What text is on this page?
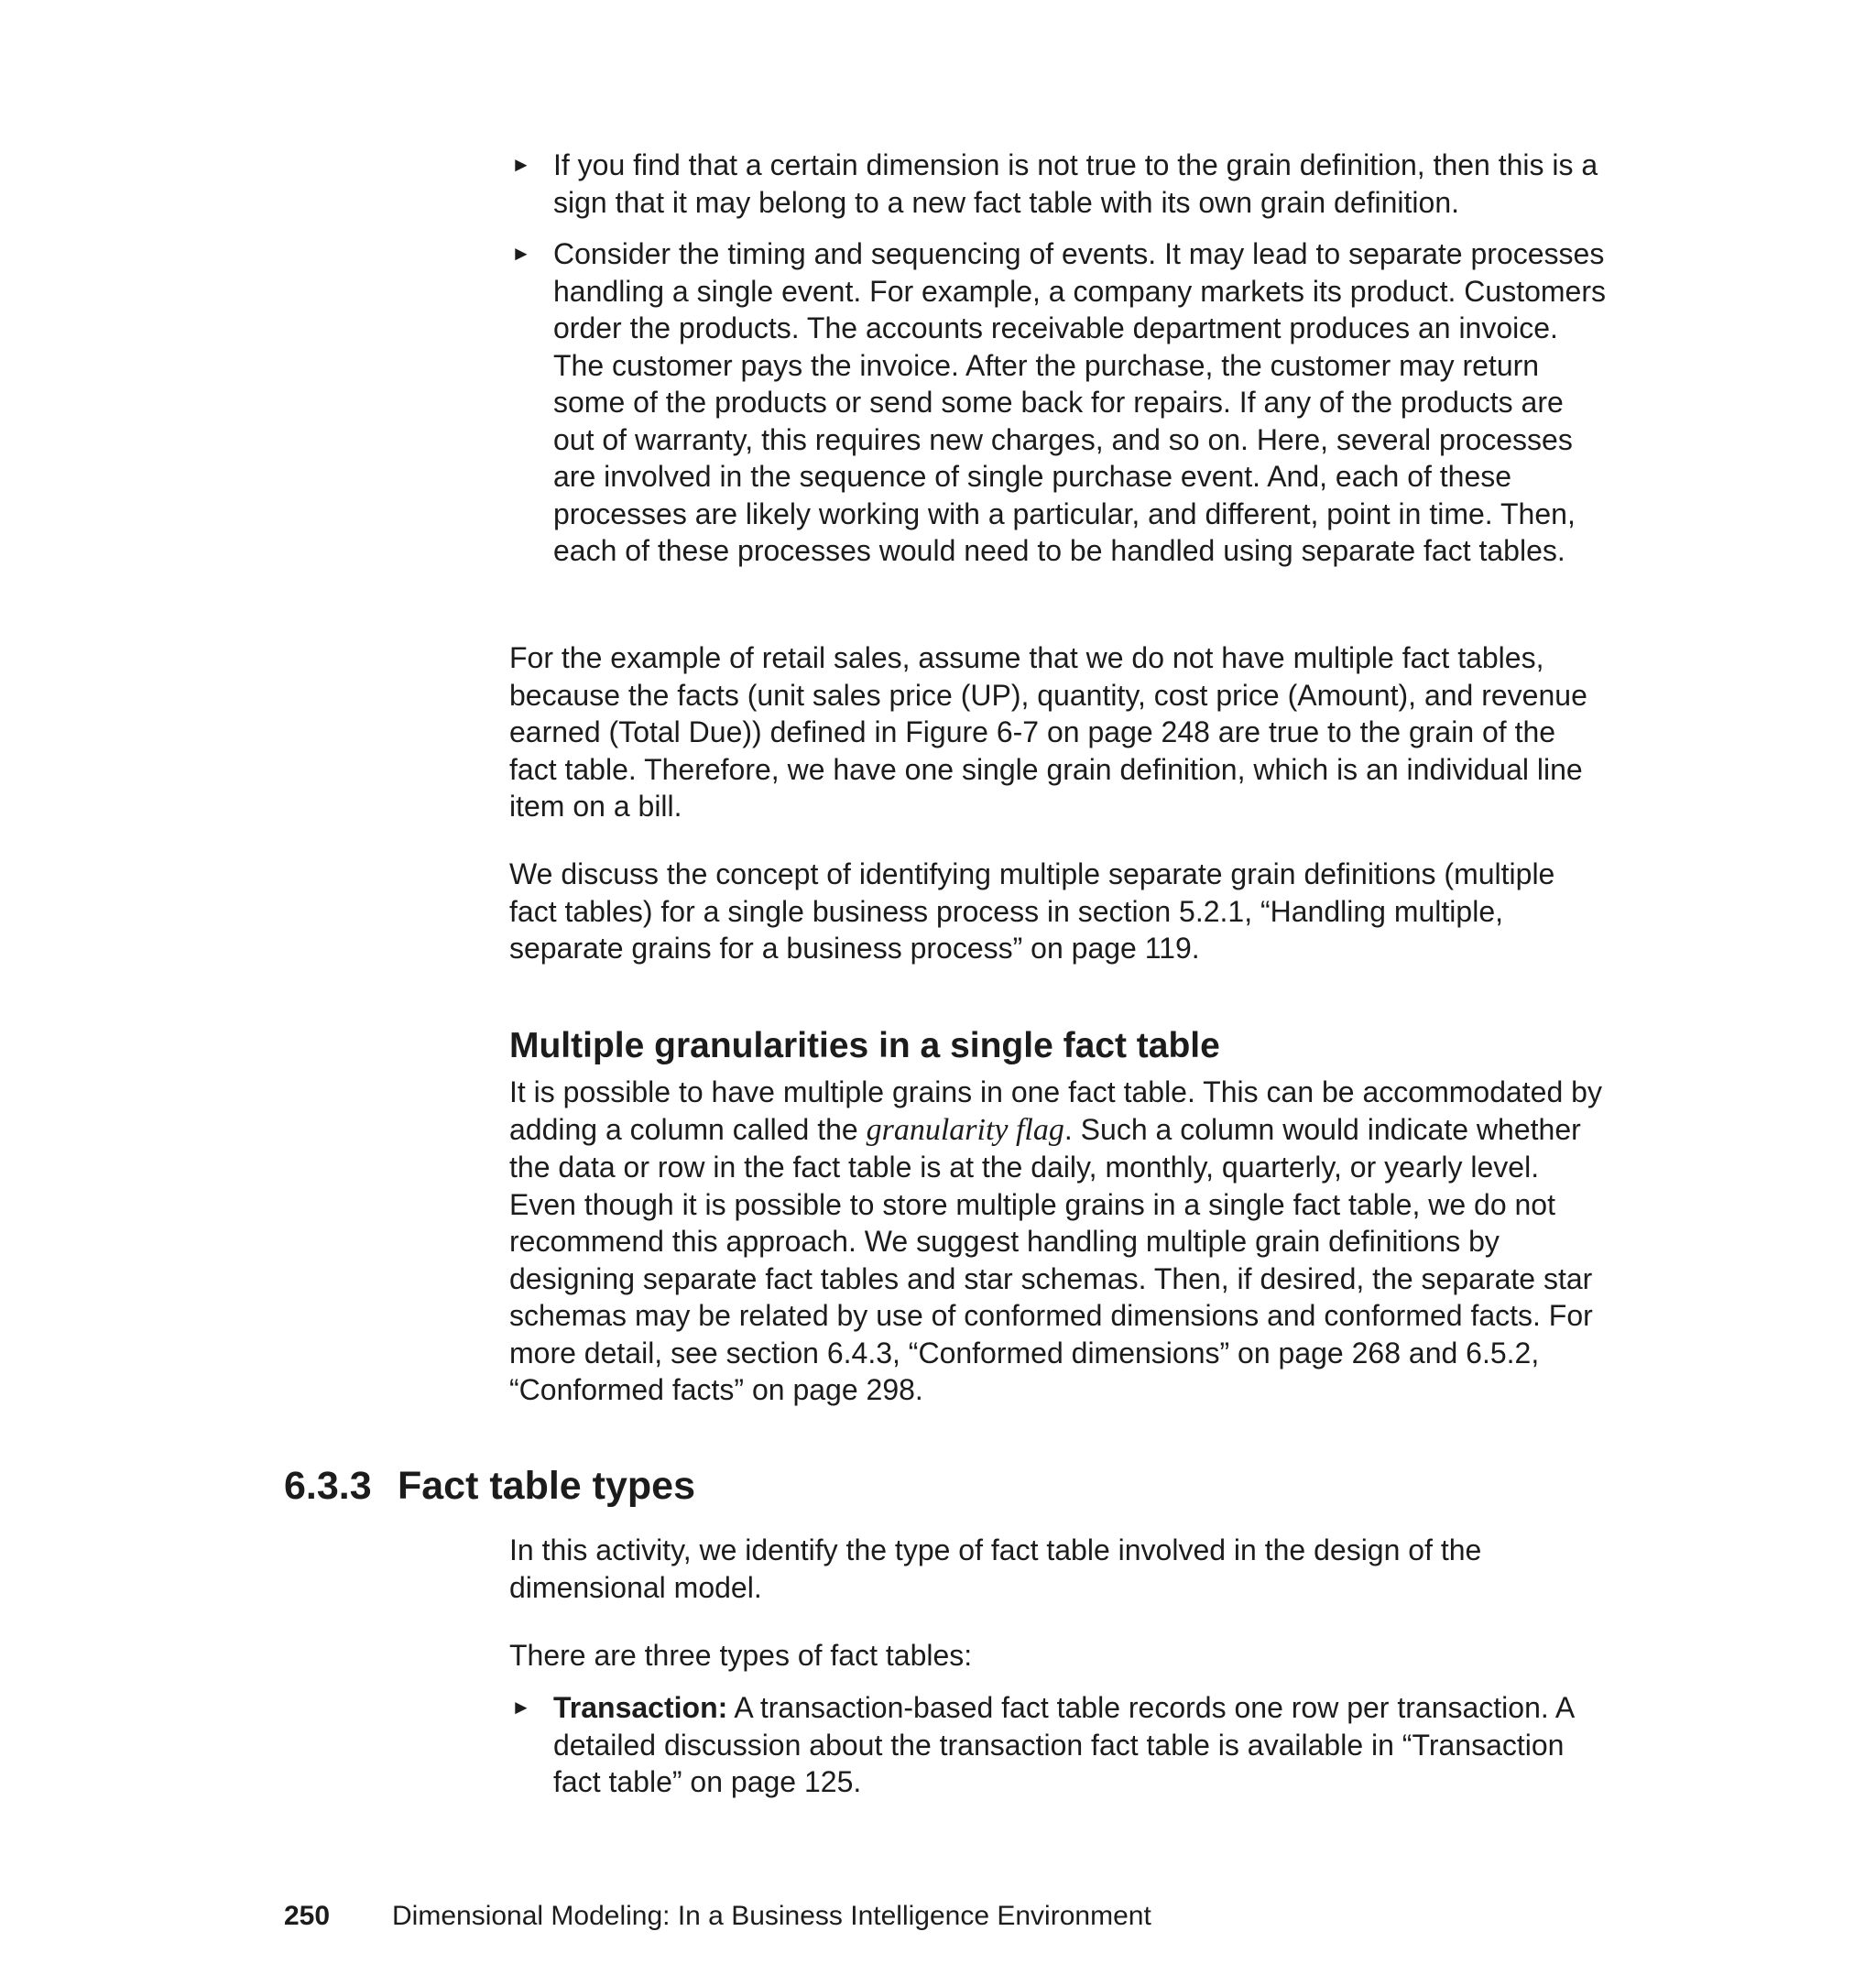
► If you find that a certain dimension is not true to the grain definition, then this is a sign that it may belong to a new fact table with its own grain definition.
► Consider the timing and sequencing of events. It may lead to separate processes handling a single event. For example, a company markets its product. Customers order the products. The accounts receivable department produces an invoice. The customer pays the invoice. After the purchase, the customer may return some of the products or send some back for repairs. If any of the products are out of warranty, this requires new charges, and so on. Here, several processes are involved in the sequence of single purchase event. And, each of these processes are likely working with a particular, and different, point in time. Then, each of these processes would need to be handled using separate fact tables.

For the example of retail sales, assume that we do not have multiple fact tables, because the facts (unit sales price (UP), quantity, cost price (Amount), and revenue earned (Total Due)) defined in Figure 6-7 on page 248 are true to the grain of the fact table. Therefore, we have one single grain definition, which is an individual line item on a bill.

We discuss the concept of identifying multiple separate grain definitions (multiple fact tables) for a single business process in section 5.2.1, “Handling multiple, separate grains for a business process” on page 119.

Multiple granularities in a single fact table

It is possible to have multiple grains in one fact table. This can be accommodated by adding a column called the granularity flag. Such a column would indicate whether the data or row in the fact table is at the daily, monthly, quarterly, or yearly level. Even though it is possible to store multiple grains in a single fact table, we do not recommend this approach. We suggest handling multiple grain definitions by designing separate fact tables and star schemas. Then, if desired, the separate star schemas may be related by use of conformed dimensions and conformed facts. For more detail, see section 6.4.3, “Conformed dimensions” on page 268 and 6.5.2, “Conformed facts” on page 298.

6.3.3 Fact table types

In this activity, we identify the type of fact table involved in the design of the dimensional model.

There are three types of fact tables:

► Transaction: A transaction-based fact table records one row per transaction. A detailed discussion about the transaction fact table is available in “Transaction fact table” on page 125.
250 Dimensional Modeling: In a Business Intelligence Environment
